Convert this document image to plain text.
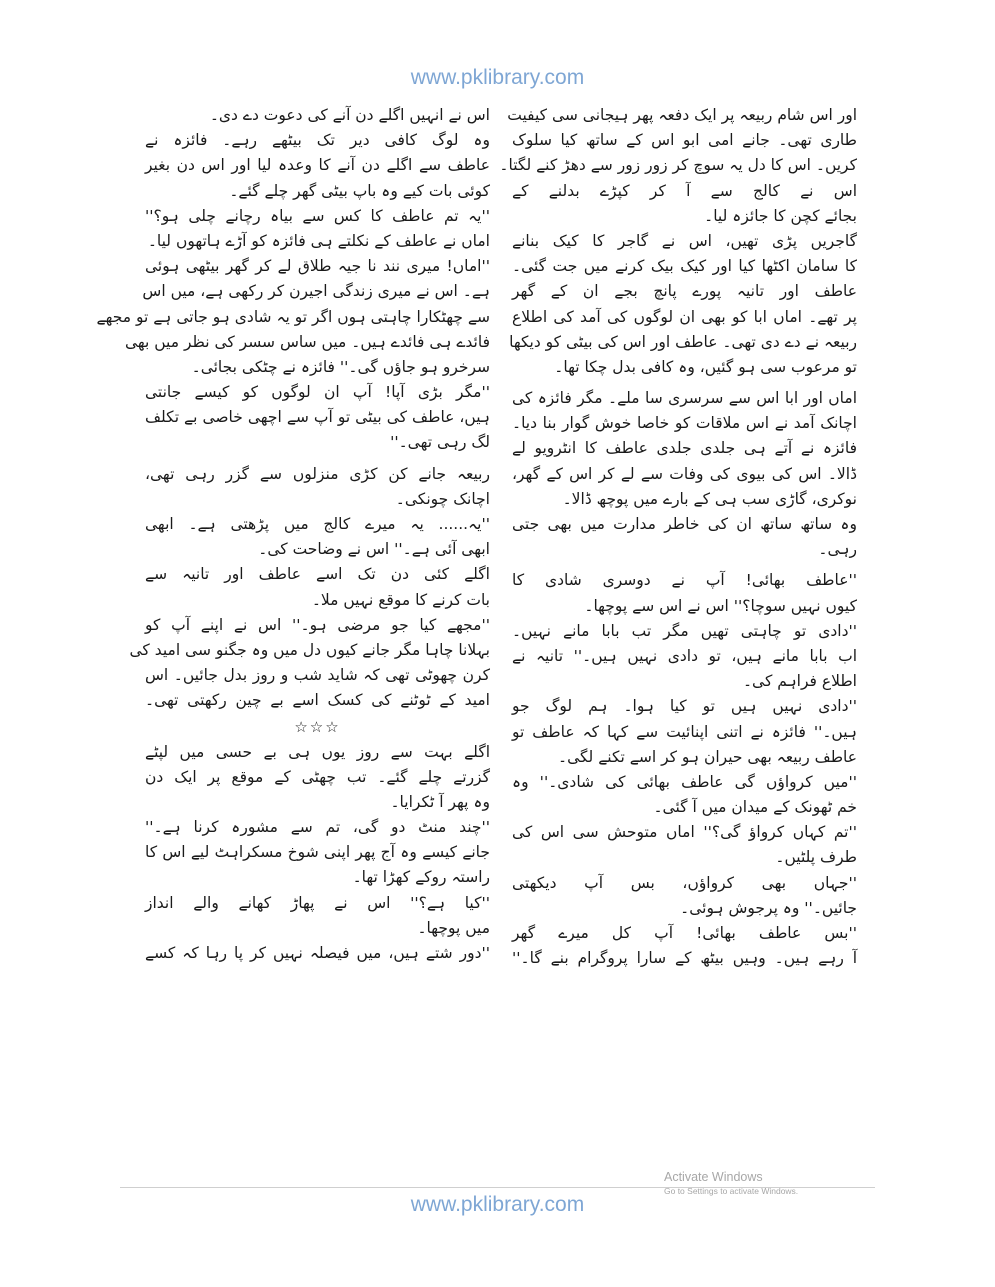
www.pklibrary.com
اور اس شام ربیعہ پر ایک دفعہ پھر ہیجانی سی کیفیت
طاری تھی۔ جانے امی ابو اس کے ساتھ کیا سلوک
کریں۔ اس کا دل یہ سوچ کر زور زور سے دھڑ کنے لگتا۔
اس نے کالج سے آ کر کپڑے بدلنے کے
بجائے کچن کا جائزہ لیا۔
گاجریں پڑی تھیں، اس نے گاجر کا کیک بنانے
کا سامان اکٹھا کیا اور کیک بیک کرنے میں جت گئی۔
عاطف اور تانیہ پورے پانچ بجے ان کے گھر
پر تھے۔ اماں ابا کو بھی ان لوگوں کی آمد کی اطلاع
ربیعہ نے دے دی تھی۔ عاطف اور اس کی بیٹی کو دیکھا
تو مرعوب سی ہو گئیں، وہ کافی بدل چکا تھا۔
اماں اور ابا اس سے سرسری سا ملے۔ مگر فائزہ کی
اچانک آمد نے اس ملاقات کو خاصا خوش گوار بنا دیا۔
فائزہ نے آتے ہی جلدی جلدی عاطف کا انٹرویو لے
ڈالا۔ اس کی بیوی کی وفات سے لے کر اس کے گھر،
نوکری، گاڑی سب ہی کے بارے میں پوچھ ڈالا۔
وہ ساتھ ساتھ ان کی خاطر مدارت میں بھی جتی
رہی۔
''عاطف بھائی! آپ نے دوسری شادی کا
کیوں نہیں سوچا؟'' اس نے اس سے پوچھا۔
''دادی تو چاہتی تھیں مگر تب بابا مانے نہیں۔
اب بابا مانے ہیں، تو دادی نہیں ہیں۔'' تانیہ نے
اطلاع فراہم کی۔
''دادی نہیں ہیں تو کیا ہوا۔ ہم لوگ جو
ہیں۔'' فائزہ نے اتنی اپنائیت سے کہا کہ عاطف تو
عاطف ربیعہ بھی حیران ہو کر اسے تکنے لگی۔
''میں کرواؤں گی عاطف بھائی کی شادی۔'' وہ
خم ٹھونک کے میدان میں آ گئی۔
''تم کہاں کرواؤ گی؟'' اماں متوحش سی اس کی
طرف پلٹیں۔
''جہاں بھی کرواؤں، بس آپ دیکھتی
جائیں۔'' وہ پرجوش ہوئی۔
''بس عاطف بھائی! آپ کل میرے گھر
آ رہے ہیں۔ وہیں بیٹھ کے سارا پروگرام بنے گا۔''
اس نے انہیں اگلے دن آنے کی دعوت دے دی۔
وہ لوگ کافی دیر تک بیٹھے رہے۔ فائزہ نے
عاطف سے اگلے دن آنے کا وعدہ لیا اور اس دن بغیر
کوئی بات کیے وہ باپ بیٹی گھر چلے گئے۔
''یہ تم عاطف کا کس سے بیاہ رچانے چلی ہو؟''
اماں نے عاطف کے نکلتے ہی فائزہ کو آڑے ہاتھوں لیا۔
''اماں! میری نند نا جیہ طلاق لے کر گھر بیٹھی ہوئی
ہے۔ اس نے میری زندگی اجیرن کر رکھی ہے، میں اس
سے چھٹکارا چاہتی ہوں اگر تو یہ شادی ہو جاتی ہے تو مجھے
فائدے ہی فائدے ہیں۔ میں ساس سسر کی نظر میں بھی
سرخرو ہو جاؤں گی۔'' فائزہ نے چٹکی بجائی۔
''مگر بڑی آپا! آپ ان لوگوں کو کیسے جانتی
ہیں، عاطف کی بیٹی تو آپ سے اچھی خاصی بے تکلف
لگ رہی تھی۔''
ربیعہ جانے کن کڑی منزلوں سے گزر رہی تھی،
اچانک چونکی۔
''یہ...... یہ میرے کالج میں پڑھتی ہے۔ ابھی
ابھی آئی ہے۔'' اس نے وضاحت کی۔
اگلے کئی دن تک اسے عاطف اور تانیہ سے
بات کرنے کا موقع نہیں ملا۔
''مجھے کیا جو مرضی ہو۔'' اس نے اپنے آپ کو
بہلانا چاہا مگر جانے کیوں دل میں وہ جگنو سی امید کی
کرن چھوٹی تھی کہ شاید شب و روز بدل جائیں۔ اس
امید کے ٹوٹنے کی کسک اسے بے چین رکھتی تھی۔
☆☆☆
اگلے بہت سے روز یوں ہی بے حسی میں لپٹے
گزرتے چلے گئے۔ تب چھٹی کے موقع پر ایک دن
وہ پھر آ ٹکرایا۔
''چند منٹ دو گی، تم سے مشورہ کرنا ہے۔''
جانے کیسے وہ آج پھر اپنی شوخ مسکراہٹ لیے اس کا
راستہ روکے کھڑا تھا۔
''کیا ہے؟'' اس نے پھاڑ کھانے والے انداز
میں پوچھا۔
''دور شتے ہیں، میں فیصلہ نہیں کر پا رہا کہ کسے
Activate Windows
Go to Settings to activate Windows.
www.pklibrary.com
